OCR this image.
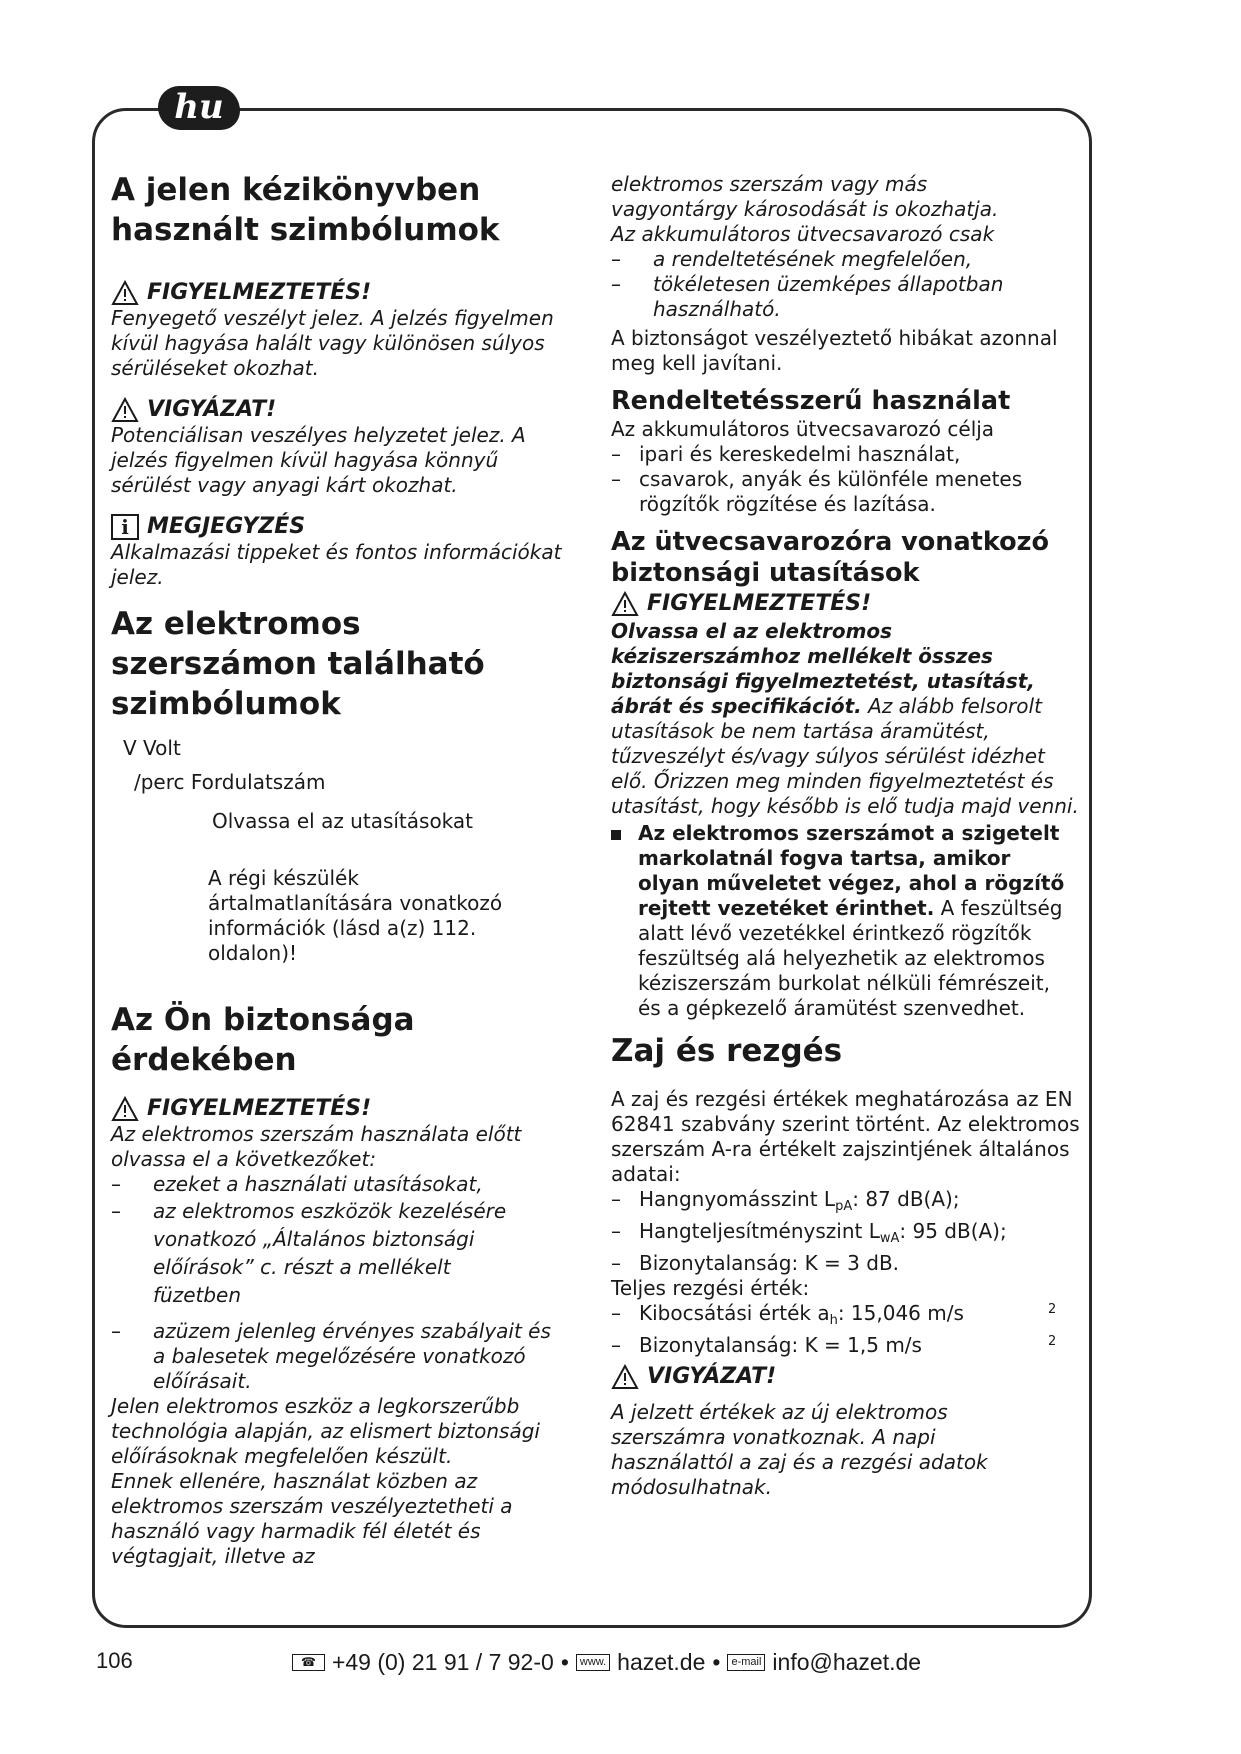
hu
A jelen kézikönyvben használt szimbólumok
FIGYELMEZTETÉS!
Fenyegető veszélyt jelez. A jelzés figyelmen kívül hagyása halált vagy különösen súlyos sérüléseket okozhat.
VIGYÁZAT!
Potenciálisan veszélyes helyzetet jelez. A jelzés figyelmen kívül hagyása könnyű sérülést vagy anyagi kárt okozhat.
i MEGJEGYZÉS
Alkalmazási tippeket és fontos információkat jelez.
Az elektromos szerszámon található szimbólumok
V Volt
/perc Fordulatszám
Olvassa el az utasításokat
A régi készülék ártalmatlanítására vonatkozó információk (lásd a(z) 112. oldalon)!
Az Ön biztonsága érdekében
FIGYELMEZTETÉS!
Az elektromos szerszám használata előtt olvassa el a következőket:
–	ezeket a használati utasításokat,
–	az elektromos eszközök kezelésére vonatkozó „Általános biztonsági előírások” c. részt a mellékelt füzetben
–	azüzem jelenleg érvényes szabályait és a balesetek megelőzésére vonatkozó előírásait.
Jelen elektromos eszköz a legkorszerűbb technológia alapján, az elismert biztonsági előírásoknak megfelelően készült.
Ennek ellenére, használat közben az elektromos szerszám veszélyeztetheti a használó vagy harmadik fél életét és végtagjait, illetve az
elektromos szerszám vagy más vagyontárgy károsodását is okozhatja.
Az akkumulátoros ütvecsavarozó csak
–	a rendeltetésének megfelelően,
–	tökéletesen üzemképes állapotban használható.
A biztonságot veszélyeztető hibákat azonnal meg kell javítani.
Rendeltetésszerű használat
Az akkumulátoros ütvecsavarozó célja
– ipari és kereskedelmi használat,
– csavarok, anyák és különféle menetes rögzítők rögzítése és lazítása.
Az ütvecsavarozóra vonatkozó biztonsági utasítások
FIGYELMEZTETÉS!
Olvassa el az elektromos kéziszerszámhoz mellékelt összes biztonsági figyelmeztetést, utasítást, ábrát és specifikációt. Az alább felsorolt utasítások be nem tartása áramütést, tűzveszélyt és/vagy súlyos sérülést idézhet elő. Őrizzen meg minden figyelmeztetést és utasítást, hogy később is elő tudja majd venni.
Az elektromos szerszámot a szigetelt markolatnál fogva tartsa, amikor olyan műveletet végez, ahol a rögzítő rejtett vezetéket érinthet. A feszültség alatt lévő vezetékkel érintkező rögzítők feszültség alá helyezhetik az elektromos kéziszerszám burkolat nélküli fémrészeit, és a gépkezelő áramütést szenvedhet.
Zaj és rezgés
A zaj és rezgési értékek meghatározása az EN 62841 szabvány szerint történt. Az elektromos szerszám A-ra értékelt zajszintjének általános adatai:
– Hangnyomásszint $L_{pA}$: 87 dB(A);
– Hangteljesítményszint $L_{wA}$: 95 dB(A);
– Bizonytalanság: K = 3 dB.
Teljes rezgési érték:
– Kibocsátási érték $a_h$: 15,046 m/s	2
– Bizonytalanság: K = 1,5 m/s	2
VIGYÁZAT!
A jelzett értékek az új elektromos szerszámra vonatkoznak. A napi használattól a zaj és a rezgési adatok módosulhatnak.
106	☎ +49 (0) 21 91 / 7 92-0 •	www. hazet.de •	e-mail info@hazet.de
